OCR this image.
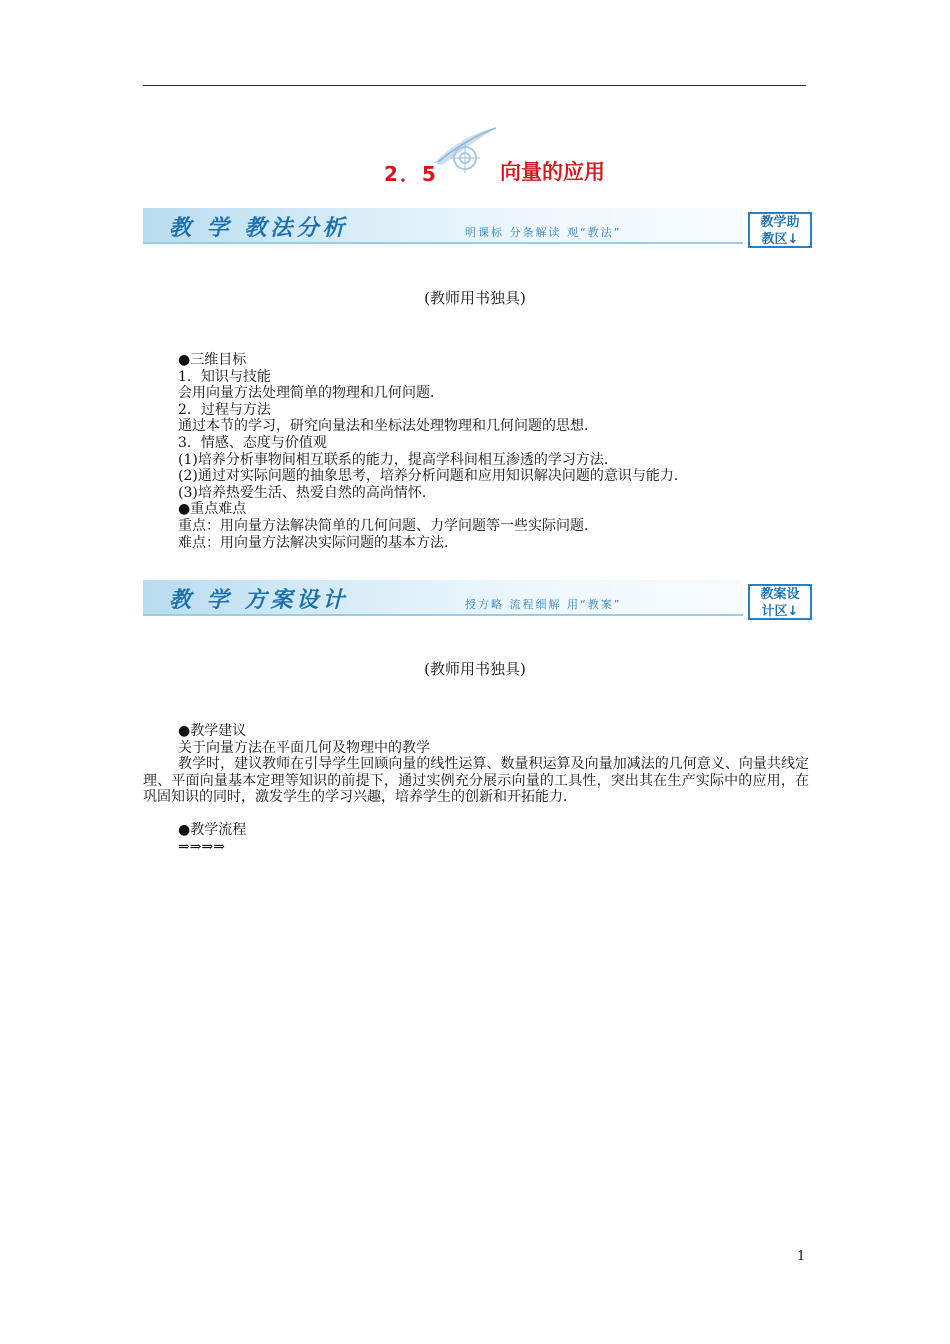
2．5	向量的应用
教 学 教法分析	明课标 分条解读 观“教法”
教学助
教区↓
(教师用书独具)

●三维目标

1．知识与技能

会用向量方法处理简单的物理和几何问题．

2．过程与方法

通过本节的学习，研究向量法和坐标法处理物理和几何问题的思想．

3．情感、态度与价值观

(1)培养分析事物间相互联系的能力，提高学科间相互渗透的学习方法．

(2)通过对实际问题的抽象思考，培养分析问题和应用知识解决问题的意识与能力．

(3)培养热爱生活、热爱自然的高尚情怀．

●重点难点

重点：用向量方法解决简单的几何问题、力学问题等一些实际问题．

难点：用向量方法解决实际问题的基本方法．

教 学 方案设计	授方略 流程细解 用“教案”
教案设
计区↓
(教师用书独具)

●教学建议

关于向量方法在平面几何及物理中的教学

教学时，建议教师在引导学生回顾向量的线性运算、数量积运算及向量加减法的几何意义、向量共线定理、平面向量基本定理等知识的前提下，通过实例充分展示向量的工具性，突出其在生产实际中的应用，在巩固知识的同时，激发学生的学习兴趣，培养学生的创新和开拓能力．

●教学流程

⇒⇒⇒⇒

1
